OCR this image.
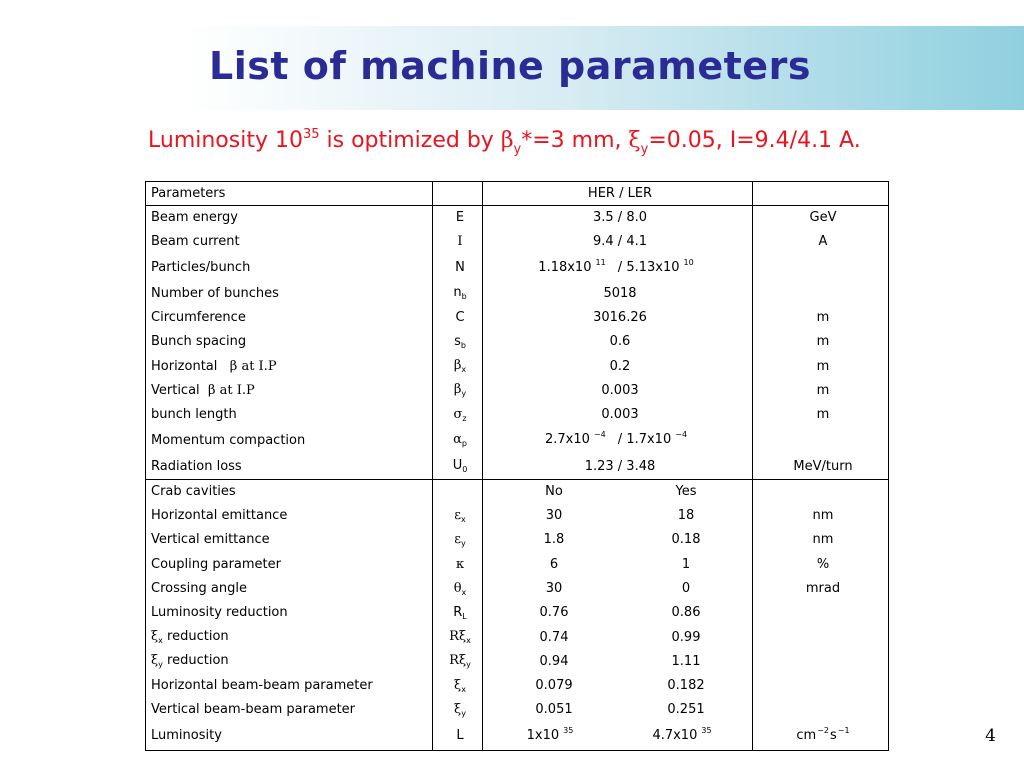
List of machine parameters
Luminosity $10^{35}$ is optimized by $\beta_y*=3$ mm, $\xi_y=0.05$, I=9.4/4.1 A.
Parameters		HER / LER	
Beam energy	E	3.5 / 8.0	GeV
Beam current	I	9.4 / 4.1	A
Particles/bunch	N	1.18x10 $^{11}$ / 5.13x10 $^{10}$	
Number of bunches	$n_b$	5018	
Circumference	C	3016.26	m
Bunch spacing	$s_b$	0.6	m
Horizontal β at I.P	$\beta_x$	0.2	m
Vertical β at I.P	$\beta_y$	0.003	m
bunch length	$\sigma_z$	0.003	m
Momentum compaction	$\alpha_p$	2.7x10 $^{-4}$ / 1.7x10 $^{-4}$	
Radiation loss	$U_0$	1.23 / 3.48	MeV/turn
Crab cavities		No Yes	

Horizontal emittance	$\varepsilon_x$	30 18	nm
Vertical emittance	$\varepsilon_y$	1.8 0.18	nm
Coupling parameter	κ	6 1	%
Crossing angle	$\theta_x$	30 0	mrad
Luminosity reduction	$R_L$	0.76 0.86	

$\xi_x$ reduction	$R\xi_x$	0.74 0.99	

$\xi_y$ reduction	$R\xi_y$	0.94 1.11	

Horizontal beam-beam parameter	$\xi_x$	0.079 0.182	

Vertical beam-beam parameter	$\xi_y$	0.051 0.251	

Luminosity	L	1x10 $^{35}$ 4.7x10 $^{35}$	$cm^{-2}s^{-1}$	4
